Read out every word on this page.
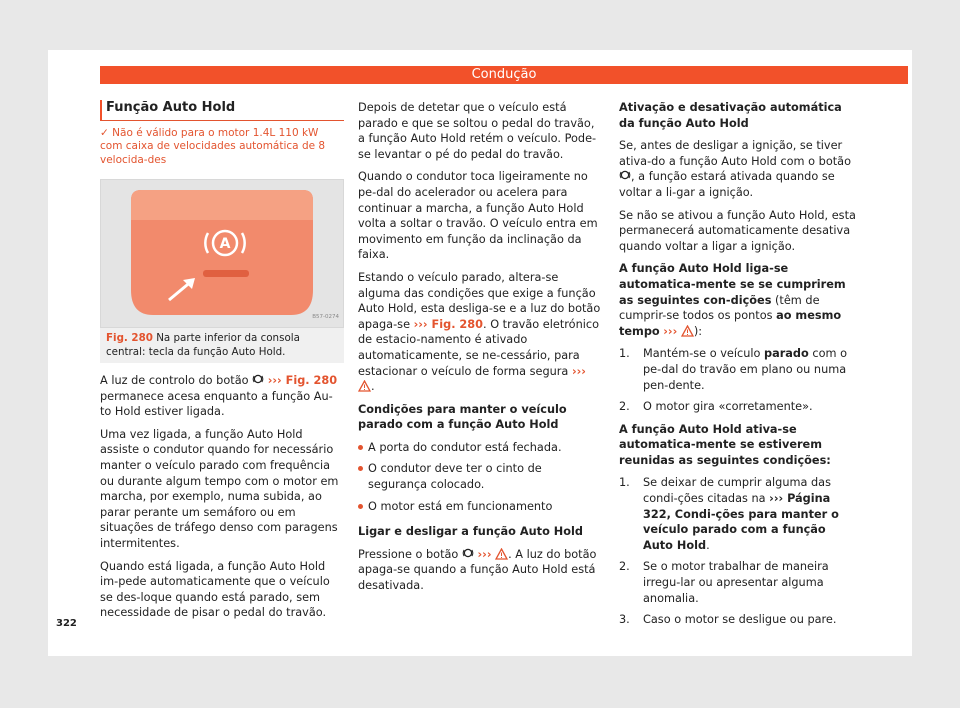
Condução
Função Auto Hold
✓ Não é válido para o motor 1.4L 110 kW com caixa de velocidades automática de 8 velocida-des
A
B57-0274
Fig. 280 Na parte inferior da consola central: tecla da função Auto Hold.

A luz de controlo do botão ››› Fig. 280 permanece acesa enquanto a função Au-to Hold estiver ligada.

Uma vez ligada, a função Auto Hold assiste o condutor quando for necessário manter o veículo parado com frequência ou durante algum tempo com o motor em marcha, por exemplo, numa subida, ao parar perante um semáforo ou em situações de tráfego denso com paragens intermitentes.

Quando está ligada, a função Auto Hold im-pede automaticamente que o veículo se des-loque quando está parado, sem necessidade de pisar o pedal do travão.

Depois de detetar que o veículo está parado e que se soltou o pedal do travão, a função Auto Hold retém o veículo. Pode-se levantar o pé do pedal do travão.

Quando o condutor toca ligeiramente no pe-dal do acelerador ou acelera para continuar a marcha, a função Auto Hold volta a soltar o travão. O veículo entra em movimento em função da inclinação da faixa.

Estando o veículo parado, altera-se alguma das condições que exige a função Auto Hold, esta desliga-se e a luz do botão apaga-se ››› Fig. 280. O travão eletrónico de estacio-namento é ativado automaticamente, se ne-cessário, para estacionar o veículo de forma segura ››› .

Condições para manter o veículo parado com a função Auto Hold

A porta do condutor está fechada.
O condutor deve ter o cinto de segurança colocado.
O motor está em funcionamento

Ligar e desligar a função Auto Hold

Pressione o botão ››› . A luz do botão apaga-se quando a função Auto Hold está desativada.

Ativação e desativação automática da função Auto Hold

Se, antes de desligar a ignição, se tiver ativa-do a função Auto Hold com o botão , a função estará ativada quando se voltar a li-gar a ignição.

Se não se ativou a função Auto Hold, esta permanecerá automaticamente desativa quando voltar a ligar a ignição.

A função Auto Hold liga-se automatica-mente se se cumprirem as seguintes con-dições (têm de cumprir-se todos os pontos ao mesmo tempo ››› ):

1.	Mantém-se o veículo parado com o pe-dal do travão em plano ou numa pen-dente.
2.	O motor gira «corretamente».

A função Auto Hold ativa-se automatica-mente se estiverem reunidas as seguintes condições:

1.	Se deixar de cumprir alguma das condi-ções citadas na ››› Página 322, Condi-ções para manter o veículo parado com a função Auto Hold.
2.	Se o motor trabalhar de maneira irregu-lar ou apresentar alguma anomalia.
3.	Caso o motor se desligue ou pare.
322
